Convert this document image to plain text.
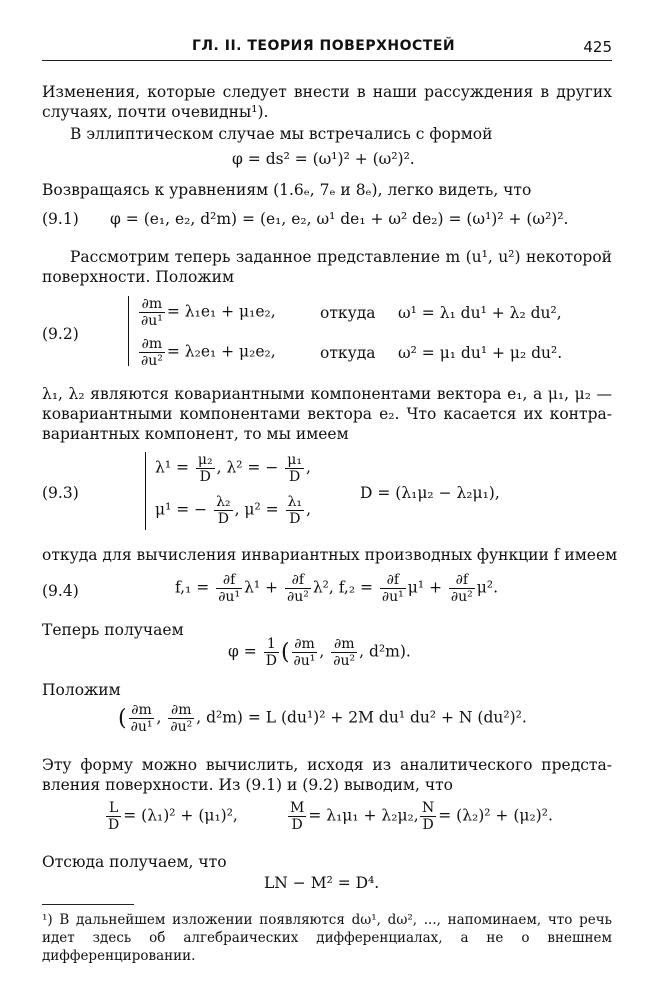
ГЛ. II. ТЕОРИЯ ПОВЕРХНОСТЕЙ	425
Изменения, которые следует внести в наши рассуждения в других
случаях, почти очевидны¹).
В эллиптическом случае мы встречались с формой
φ = ds² = (ω¹)² + (ω²)².
Возвращаясь к уравнениям (1.6ₑ, 7ₑ и 8ₑ), легко видеть, что
(9.1) φ = (e₁, e₂, d²m) = (e₁, e₂, ω¹ de₁ + ω² de₂) = (ω¹)² + (ω²)².
Рассмотрим теперь заданное представление m (u¹, u²) некоторой
поверхности. Положим
(9.2)
$\frac{\partial m}{\text{∂u¹}} = \lambda_1e_1 + \mu_1e_2$,	откуда ω¹ = λ₁ du¹ + λ₂ du²,
$\frac{\partial m}{\text{∂u²}} = \lambda_2e_1 + \mu_2e_2$,	откуда ω² = μ₁ du¹ + μ₂ du².
λ₁, λ₂ являются ковариантными компонентами вектора e₁, а μ₁, μ₂ —
ковариантными компонентами вектора e₂. Что касается их контра-
вариантных компонент, то мы имеем
(9.3)
$\lambda^1 = \frac{\text{μ₂}}{D}$ , λ² = − $\frac{\text{μ₁}}{D}$ ,
μ¹ = − $\frac{\text{λ₂}}{D}$ , $\mu^2 = \frac{\text{λ₁}}{D}$ ,
D = (λ₁μ₂ − λ₂μ₁),
откуда для вычисления инвариантных производных функции f имеем
(9.4)	$f,_1 = \frac{\partial f}{\text{∂u¹}} \lambda^1 + \frac{\partial f}{\text{∂u²}} \lambda^2$, $f,_2 = \frac{\partial f}{\text{∂u¹}} \mu^1 + \frac{\partial f}{\text{∂u²}} \mu^2$.
Теперь получаем
$\varphi = \frac{1}{D}$ ( $\frac{\partial m}{\text{∂u¹}}$ , $\frac{\partial m}{\text{∂u²}}$ , d²m).
Положим
( $\frac{\partial m}{\text{∂u¹}}$ , $\frac{\partial m}{\text{∂u²}}$ , d²m) = L (du¹)² + 2M du¹ du² + N (du²)².
Эту форму можно вычислить, исходя из аналитического предста-
вления поверхности. Из (9.1) и (9.2) выводим, что
$\frac{L}{D} = (\lambda_1)^2 + (\mu_1)^2$,	$\frac{M}{D} = \lambda_1\mu_1 + \lambda_2\mu_2$, $\frac{N}{D} = (\lambda_2)^2 + (\mu_2)^2$.
Отсюда получаем, что
LN − M² = D⁴.
¹) В дальнейшем изложении появляются dω¹, dω², ..., напоминаем, что речь идет здесь об алгебраических дифференциалах, а не о внешнем дифференцировании.
